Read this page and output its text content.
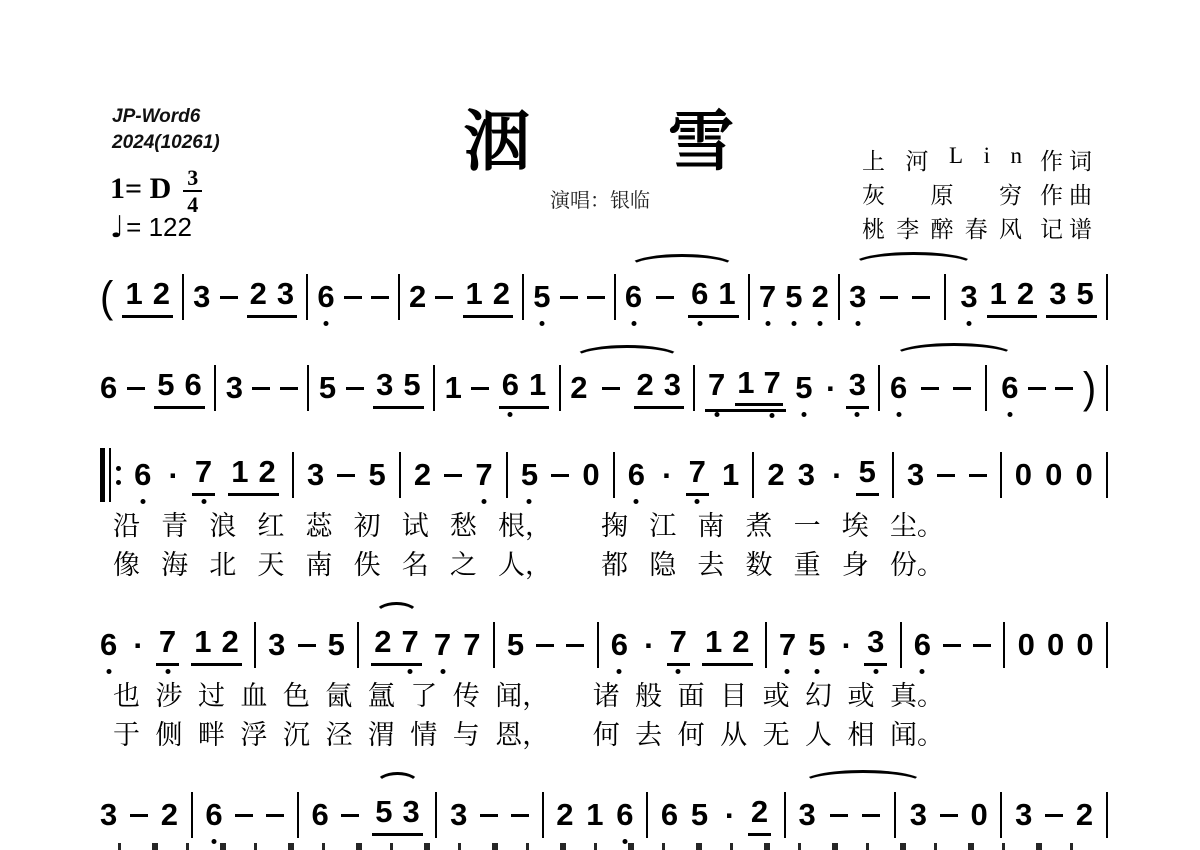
JP-Word6
2024(10261)	洇　　雪
演唱：银临
上 河 L i n 作词
灰 原 穷 作曲
桃 李 醉 春 风 记谱
1= D $\frac{3}{4}$
♩ = 122
( 1 2 3 2 3 6 2 1 2 5 6 6 1 7 5 2 3	3 1 2 3 5
6 5 6 3 5 3 5 1 6 1 2 2 3 7 1 7 5 · 3 6	6 )
6 · 7 1 2 3 5 2 7 5 0 6 · 7 1 2 3 · 5 3	0 0 0
沿 青 浪 红 蕊 初 试 愁 根， 掬 江 南 煮 一 埃 尘。
像 海 北 天 南 佚 名 之 人， 都 隐 去 数 重 身 份。
6 · 7 1 2 3 5 2 7 7 7 5	6 · 7 1 2 7 5 · 3 6	0 0 0
也 涉 过 血 色 氤 氲 了 传 闻， 诸 般 面 目 或 幻 或 真。
于 侧 畔 浮 沉 泾 渭 情 与 恩， 何 去 何 从 无 人 相 闻。
3 2 6	6 5 3 3	2 1 6 6 5 · 2 3	3 0 3 2
